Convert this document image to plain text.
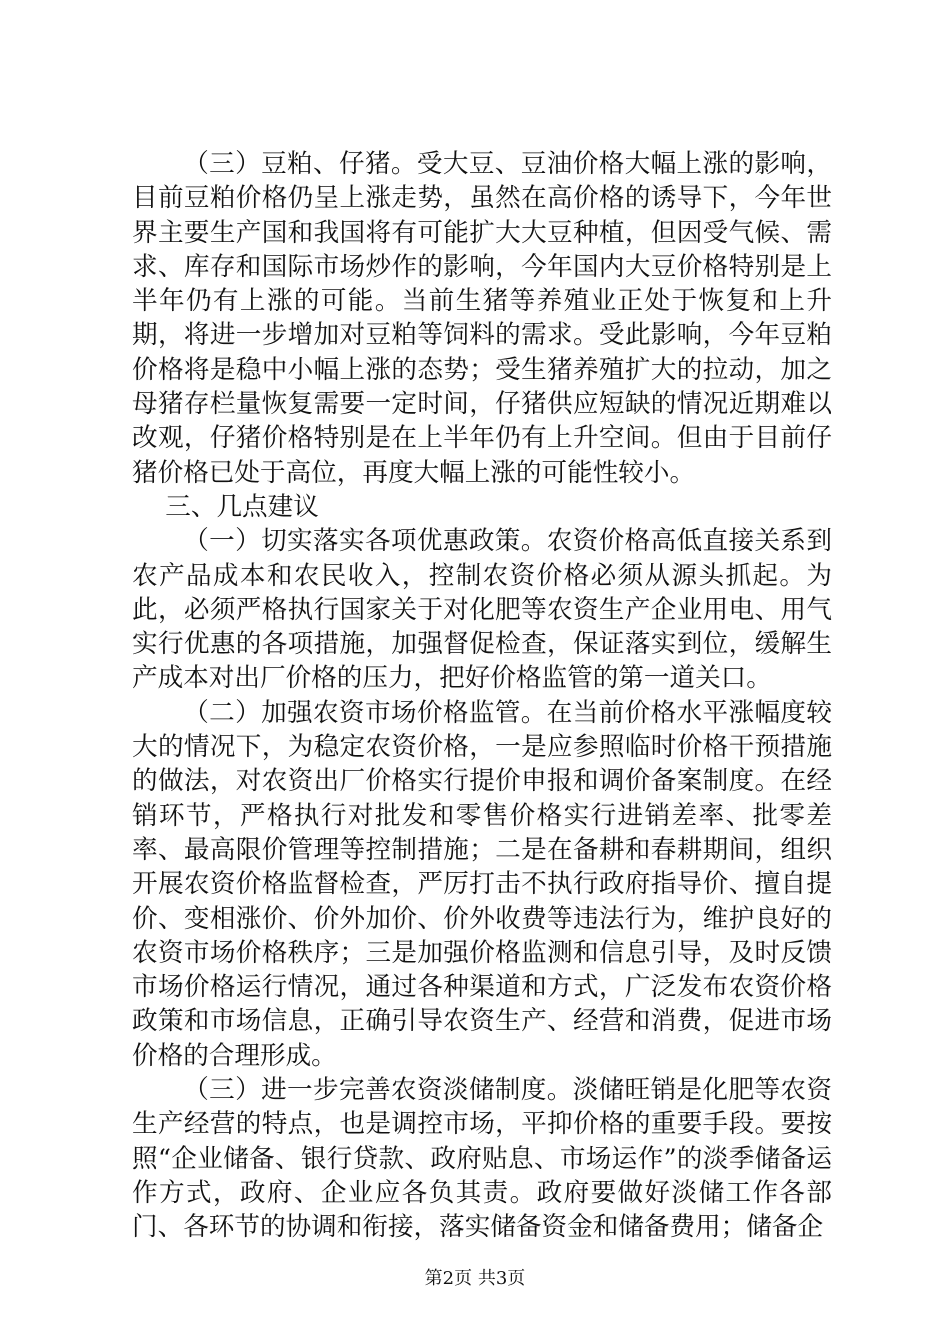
（三）豆粕、仔猪。受大豆、豆油价格大幅上涨的影响，目前豆粕价格仍呈上涨走势，虽然在高价格的诱导下，今年世界主要生产国和我国将有可能扩大大豆种植，但因受气候、需求、库存和国际市场炒作的影响，今年国内大豆价格特别是上半年仍有上涨的可能。当前生猪等养殖业正处于恢复和上升期，将进一步增加对豆粕等饲料的需求。受此影响，今年豆粕价格将是稳中小幅上涨的态势；受生猪养殖扩大的拉动，加之母猪存栏量恢复需要一定时间，仔猪供应短缺的情况近期难以改观，仔猪价格特别是在上半年仍有上升空间。但由于目前仔猪价格已处于高位，再度大幅上涨的可能性较小。

三、几点建议

（一）切实落实各项优惠政策。农资价格高低直接关系到农产品成本和农民收入，控制农资价格必须从源头抓起。为此，必须严格执行国家关于对化肥等农资生产企业用电、用气实行优惠的各项措施，加强督促检查，保证落实到位，缓解生产成本对出厂价格的压力，把好价格监管的第一道关口。

（二）加强农资市场价格监管。在当前价格水平涨幅度较大的情况下，为稳定农资价格，一是应参照临时价格干预措施的做法，对农资出厂价格实行提价申报和调价备案制度。在经销环节，严格执行对批发和零售价格实行进销差率、批零差率、最高限价管理等控制措施；二是在备耕和春耕期间，组织开展农资价格监督检查，严厉打击不执行政府指导价、擅自提价、变相涨价、价外加价、价外收费等违法行为，维护良好的农资市场价格秩序；三是加强价格监测和信息引导，及时反馈市场价格运行情况，通过各种渠道和方式，广泛发布农资价格政策和市场信息，正确引导农资生产、经营和消费，促进市场价格的合理形成。

（三）进一步完善农资淡储制度。淡储旺销是化肥等农资生产经营的特点，也是调控市场，平抑价格的重要手段。要按照“企业储备、银行贷款、政府贴息、市场运作”的淡季储备运作方式，政府、企业应各负其责。政府要做好淡储工作各部门、各环节的协调和衔接，落实储备资金和储备费用；储备企

第2页 共3页
